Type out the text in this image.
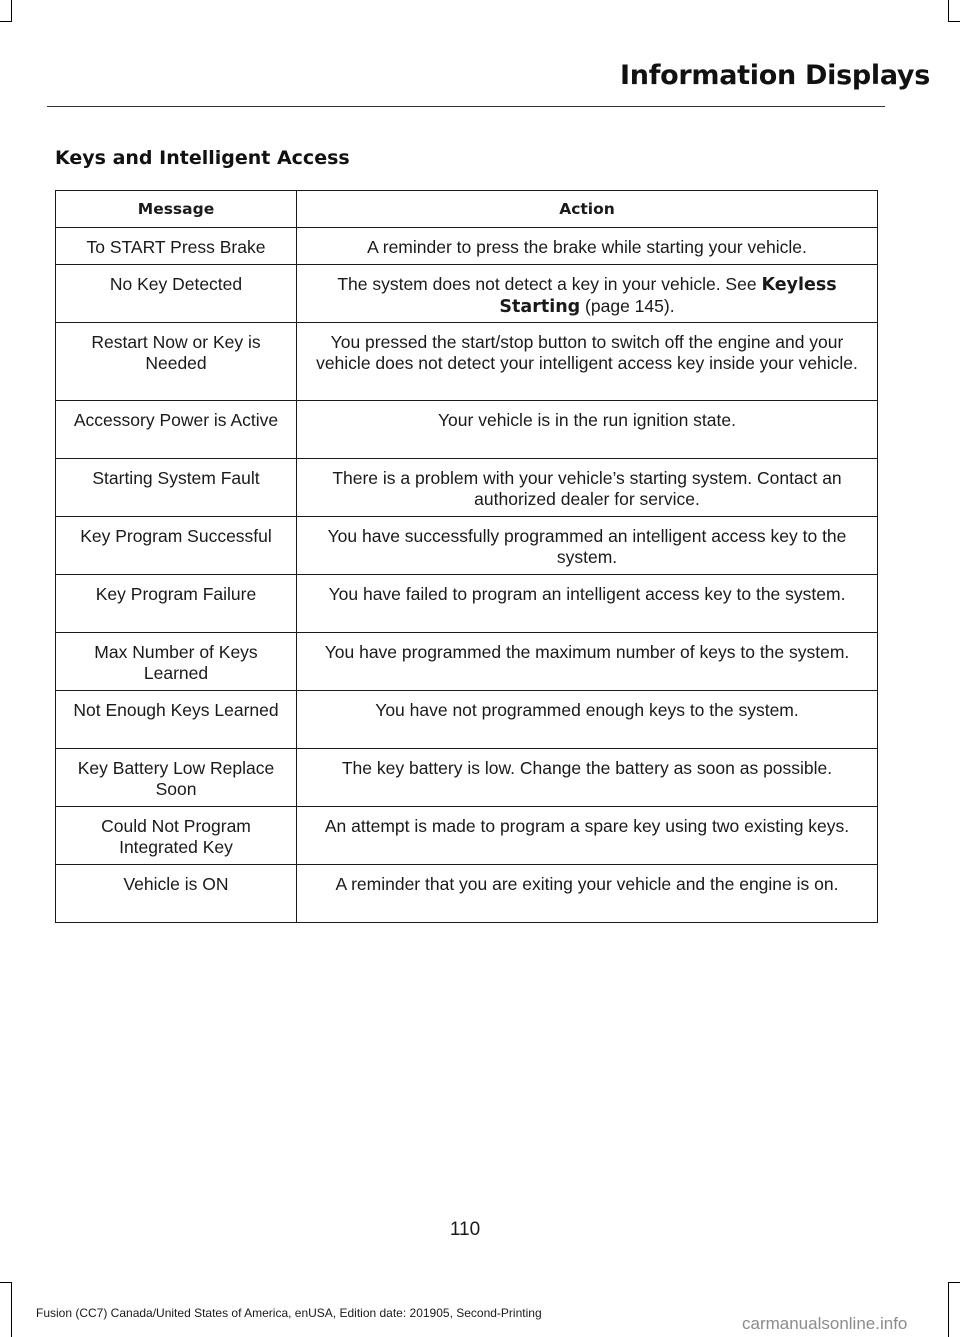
Information Displays
Keys and Intelligent Access
Message	Action
To START Press Brake	A reminder to press the brake while starting your vehicle.
No Key Detected	The system does not detect a key in your vehicle. See Keyless Starting (page 145).
Restart Now or Key is Needed	You pressed the start/stop button to switch off the engine and your vehicle does not detect your intelligent access key inside your vehicle.
Accessory Power is Active	Your vehicle is in the run ignition state.
Starting System Fault	There is a problem with your vehicle’s starting system. Contact an authorized dealer for service.
Key Program Successful	You have successfully programmed an intelligent access key to the system.
Key Program Failure	You have failed to program an intelligent access key to the system.
Max Number of Keys Learned	You have programmed the maximum number of keys to the system.
Not Enough Keys Learned	You have not programmed enough keys to the system.
Key Battery Low Replace Soon	The key battery is low. Change the battery as soon as possible.
Could Not Program Integrated Key	An attempt is made to program a spare key using two existing keys.
Vehicle is ON	A reminder that you are exiting your vehicle and the engine is on.
110
Fusion (CC7) Canada/United States of America, enUSA, Edition date: 201905, Second-Printing
carmanualsonline.info
